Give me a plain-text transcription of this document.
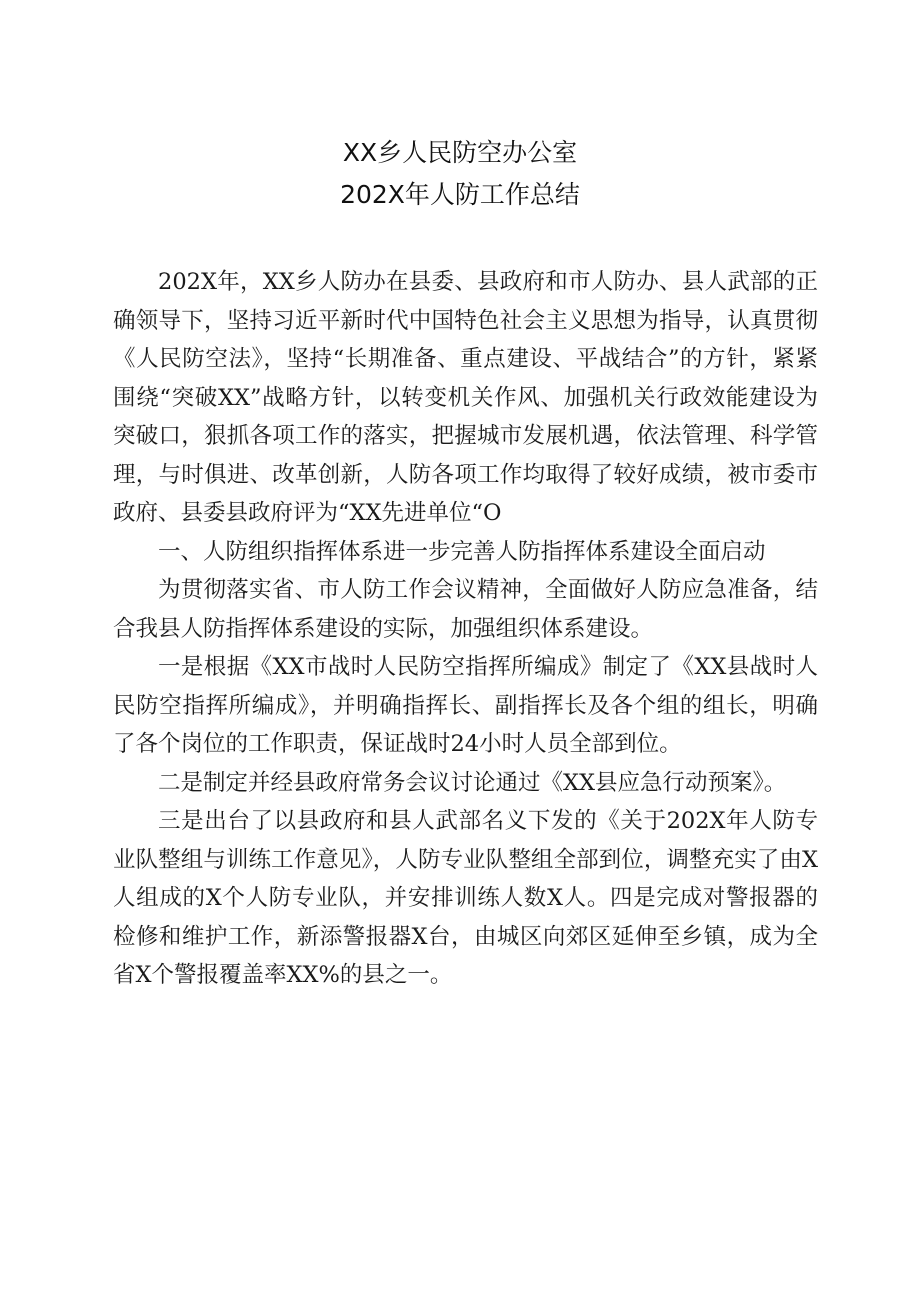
XX乡人民防空办公室
202X年人防工作总结

202X年，XX乡人防办在县委、县政府和市人防办、县人武部的正确领导下，坚持习近平新时代中国特色社会主义思想为指导，认真贯彻《人民防空法》，坚持“长期准备、重点建设、平战结合”的方针，紧紧围绕“突破XX”战略方针，以转变机关作风、加强机关行政效能建设为突破口，狠抓各项工作的落实，把握城市发展机遇，依法管理、科学管理，与时俱进、改革创新，人防各项工作均取得了较好成绩，被市委市政府、县委县政府评为“XX先进单位“O

一、人防组织指挥体系进一步完善人防指挥体系建设全面启动

为贯彻落实省、市人防工作会议精神，全面做好人防应急准备，结合我县人防指挥体系建设的实际，加强组织体系建设。

一是根据《XX市战时人民防空指挥所编成》制定了《XX县战时人民防空指挥所编成》，并明确指挥长、副指挥长及各个组的组长，明确了各个岗位的工作职责，保证战时24小时人员全部到位。

二是制定并经县政府常务会议讨论通过《XX县应急行动预案》。

三是出台了以县政府和县人武部名义下发的《关于202X年人防专业队整组与训练工作意见》，人防专业队整组全部到位，调整充实了由X人组成的X个人防专业队，并安排训练人数X人。四是完成对警报器的检修和维护工作，新添警报器X台，由城区向郊区延伸至乡镇，成为全省X个警报覆盖率XX%的县之一。
